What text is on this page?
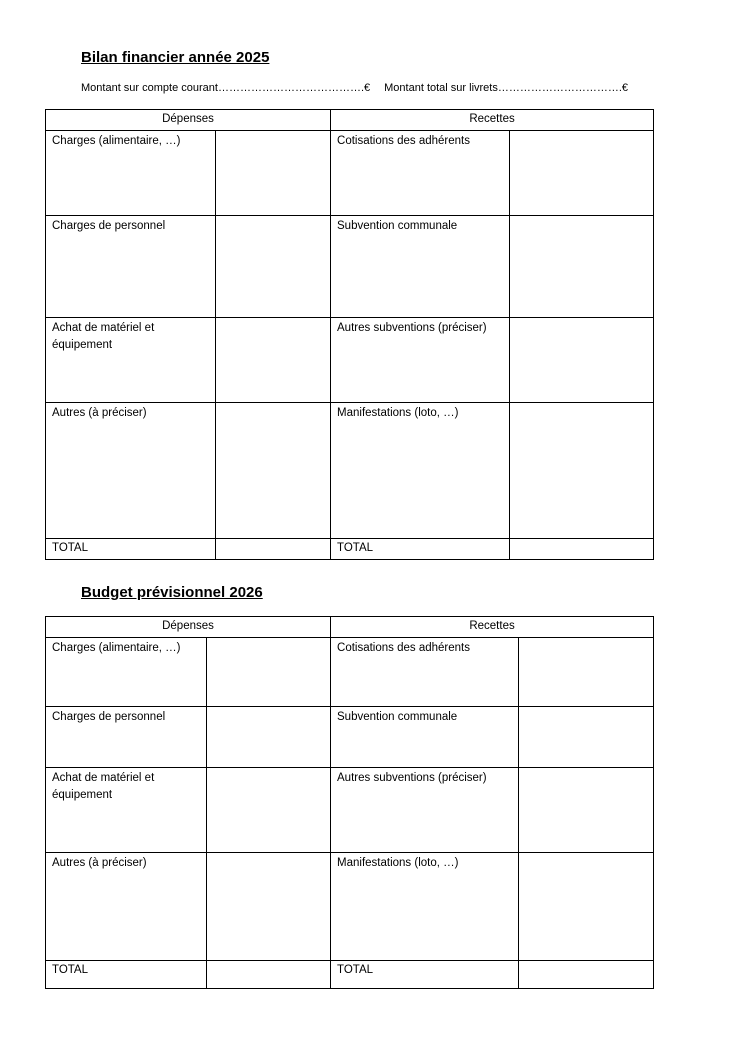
Bilan financier année 2025
Montant sur compte courant………………………………….€ Montant total sur livrets…………………………….€
Dépenses		Recettes	
Charges (alimentaire, …)		Cotisations des adhérents	
Charges de personnel		Subvention communale	
Achat de matériel et équipement		Autres subventions (préciser)	
Autres (à préciser)		Manifestations (loto, …)	
TOTAL		TOTAL	
Budget prévisionnel 2026
Dépenses		Recettes	
Charges (alimentaire, …)		Cotisations des adhérents	
Charges de personnel		Subvention communale	
Achat de matériel et équipement		Autres subventions (préciser)	
Autres (à préciser)		Manifestations (loto, …)	
TOTAL		TOTAL	
